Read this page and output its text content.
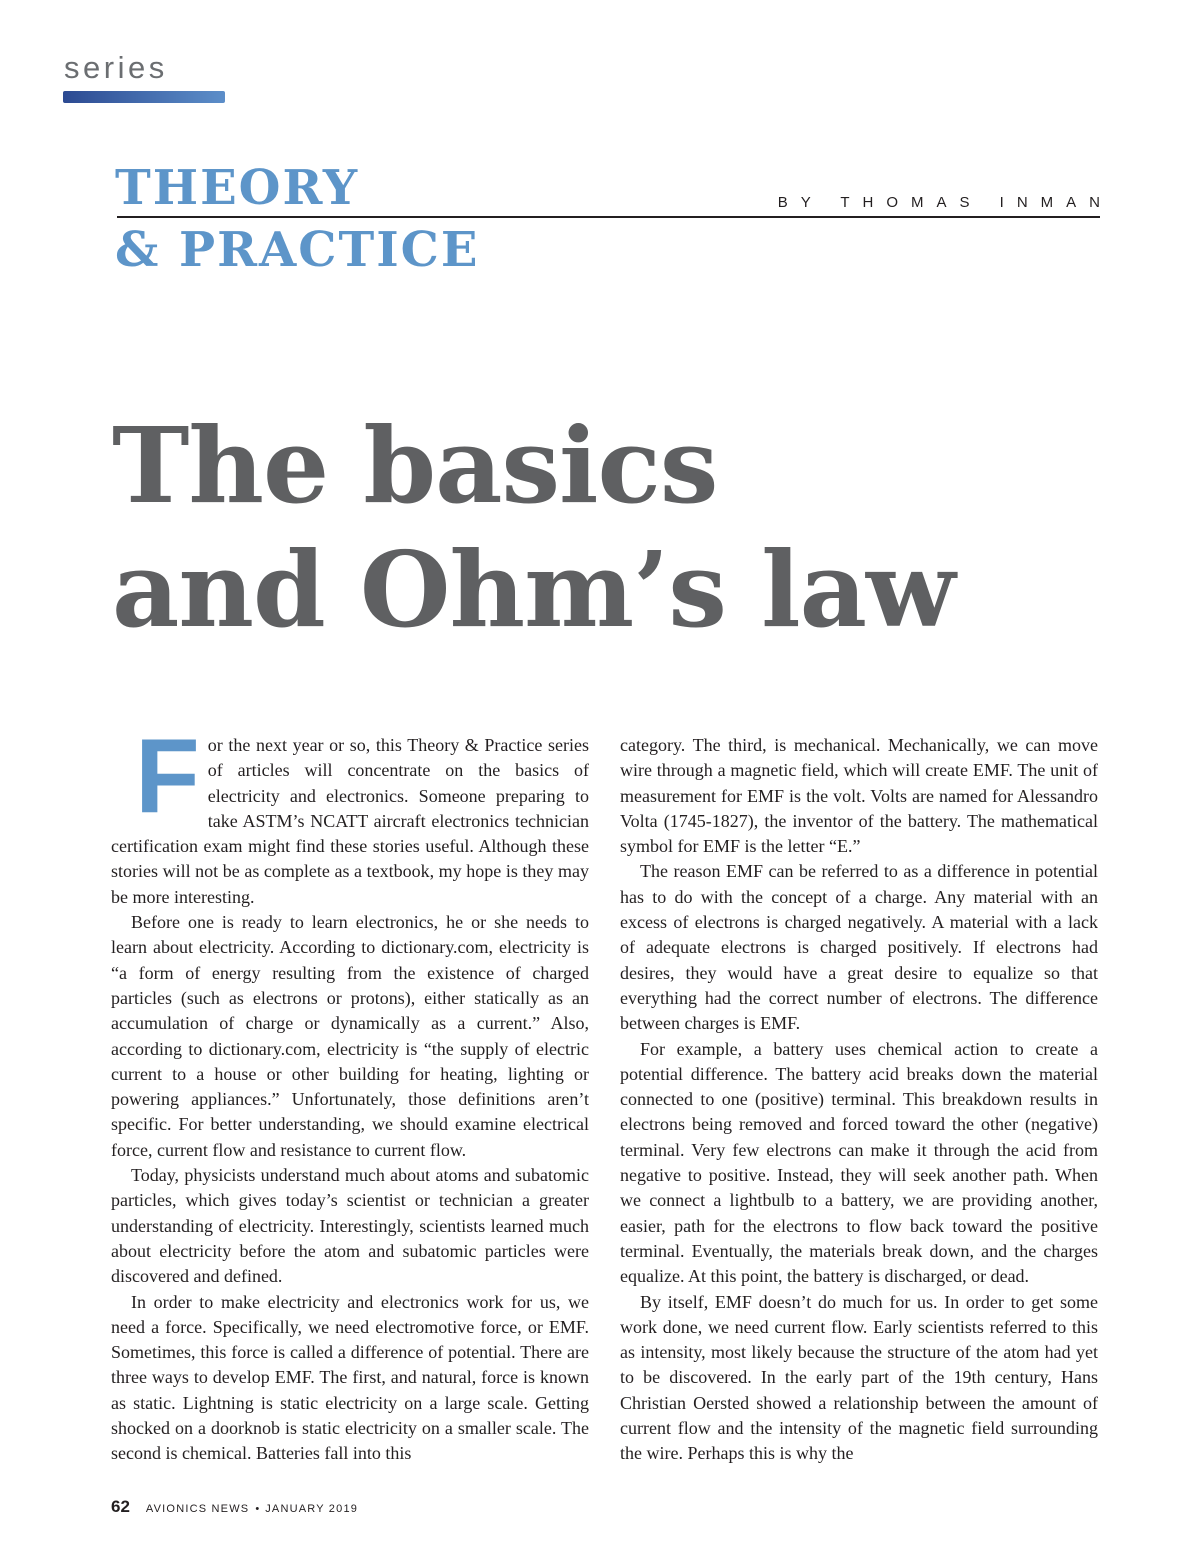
series
THEORY
& PRACTICE
BY THOMAS INMAN
The basics
and Ohm’s law

For the next year or so, this Theory & Practice series of articles will concentrate on the basics of electricity and electronics. Someone preparing to take ASTM’s NCATT aircraft electronics technician certification exam might find these stories useful. Although these stories will not be as complete as a textbook, my hope is they may be more interesting.

Before one is ready to learn electronics, he or she needs to learn about electricity. According to dictionary.com, electricity is “a form of energy resulting from the existence of charged particles (such as electrons or protons), either statically as an accumulation of charge or dynamically as a current.” Also, according to dictionary.com, electricity is “the supply of electric current to a house or other building for heating, lighting or powering appliances.” Unfortunately, those definitions aren’t specific. For better understanding, we should examine electrical force, current flow and resistance to current flow.

Today, physicists understand much about atoms and subatomic particles, which gives today’s scientist or technician a greater understanding of electricity. Interestingly, scientists learned much about electricity before the atom and subatomic particles were discovered and defined.

In order to make electricity and electronics work for us, we need a force. Specifically, we need electromotive force, or EMF. Sometimes, this force is called a difference of potential. There are three ways to develop EMF. The first, and natural, force is known as static. Lightning is static electricity on a large scale. Getting shocked on a doorknob is static electricity on a smaller scale. The second is chemical. Batteries fall into this

category. The third, is mechanical. Mechanically, we can move wire through a magnetic field, which will create EMF. The unit of measurement for EMF is the volt. Volts are named for Alessandro Volta (1745-1827), the inventor of the battery. The mathematical symbol for EMF is the letter “E.”

The reason EMF can be referred to as a difference in potential has to do with the concept of a charge. Any material with an excess of electrons is charged negatively. A material with a lack of adequate electrons is charged positively. If electrons had desires, they would have a great desire to equalize so that everything had the correct number of electrons. The difference between charges is EMF.

For example, a battery uses chemical action to create a potential difference. The battery acid breaks down the material connected to one (positive) terminal. This breakdown results in electrons being removed and forced toward the other (negative) terminal. Very few electrons can make it through the acid from negative to positive. Instead, they will seek another path. When we connect a lightbulb to a battery, we are providing another, easier, path for the electrons to flow back toward the positive terminal. Eventually, the materials break down, and the charges equalize. At this point, the battery is discharged, or dead.

By itself, EMF doesn’t do much for us. In order to get some work done, we need current flow. Early scientists referred to this as intensity, most likely because the structure of the atom had yet to be discovered. In the early part of the 19th century, Hans Christian Oersted showed a relationship between the amount of current flow and the intensity of the magnetic field surrounding the wire. Perhaps this is why the

62 AVIONICS NEWS • JANUARY 2019
